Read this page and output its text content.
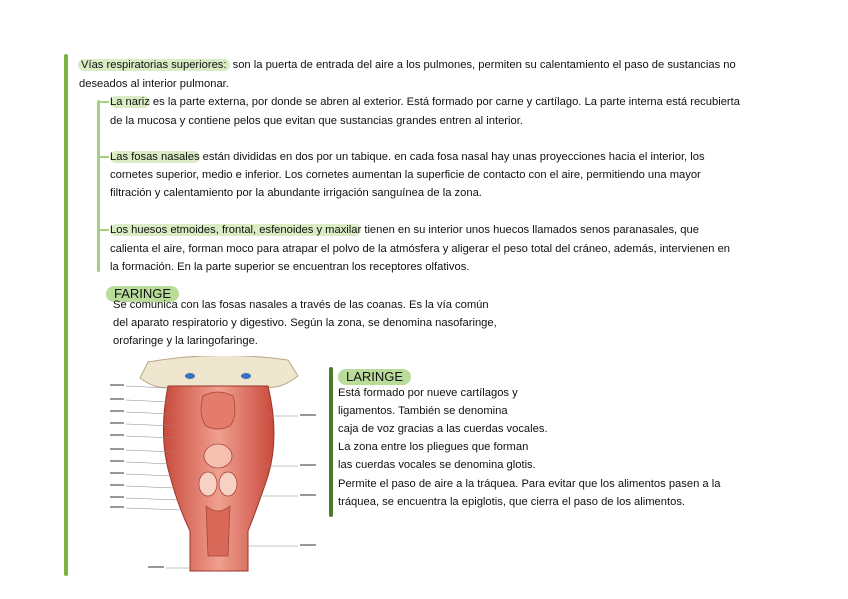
Vías respiratorias superiores: son la puerta de entrada del aire a los pulmones, permiten su calentamiento el paso de sustancias no
deseados al interior pulmonar.
La nariz es la parte externa, por donde se abren al exterior. Está formado por carne y cartílago. La parte interna está recubierta
de la mucosa y contiene pelos que evitan que sustancias grandes entren al interior.
Las fosas nasales están divididas en dos por un tabique. en cada fosa nasal hay unas proyecciones hacia el interior, los
cornetes superior, medio e inferior. Los cornetes aumentan la superficie de contacto con el aire, permitiendo una mayor
filtración y calentamiento por la abundante irrigación sanguínea de la zona.
Los huesos etmoides, frontal, esfenoides y maxilar tienen en su interior unos huecos llamados senos paranasales, que
calienta el aire, forman moco para atrapar el polvo de la atmósfera y aligerar el peso total del cráneo, además, intervienen en
la formación. En la parte superior se encuentran los receptores olfativos.
FARINGE
Se comunica con las fosas nasales a través de las coanas. Es la vía común
del aparato respiratorio y digestivo. Según la zona, se denomina nasofaringe,
orofaringe y la laringofaringe.
LARINGE
Está formado por nueve cartílagos y
ligamentos. También se denomina
caja de voz gracias a las cuerdas vocales.
La zona entre los pliegues que forman
las cuerdas vocales se denomina glotis.
Permite el paso de aire a la tráquea. Para evitar que los alimentos pasen a la
tráquea, se encuentra la epiglotis, que cierra el paso de los alimentos.
